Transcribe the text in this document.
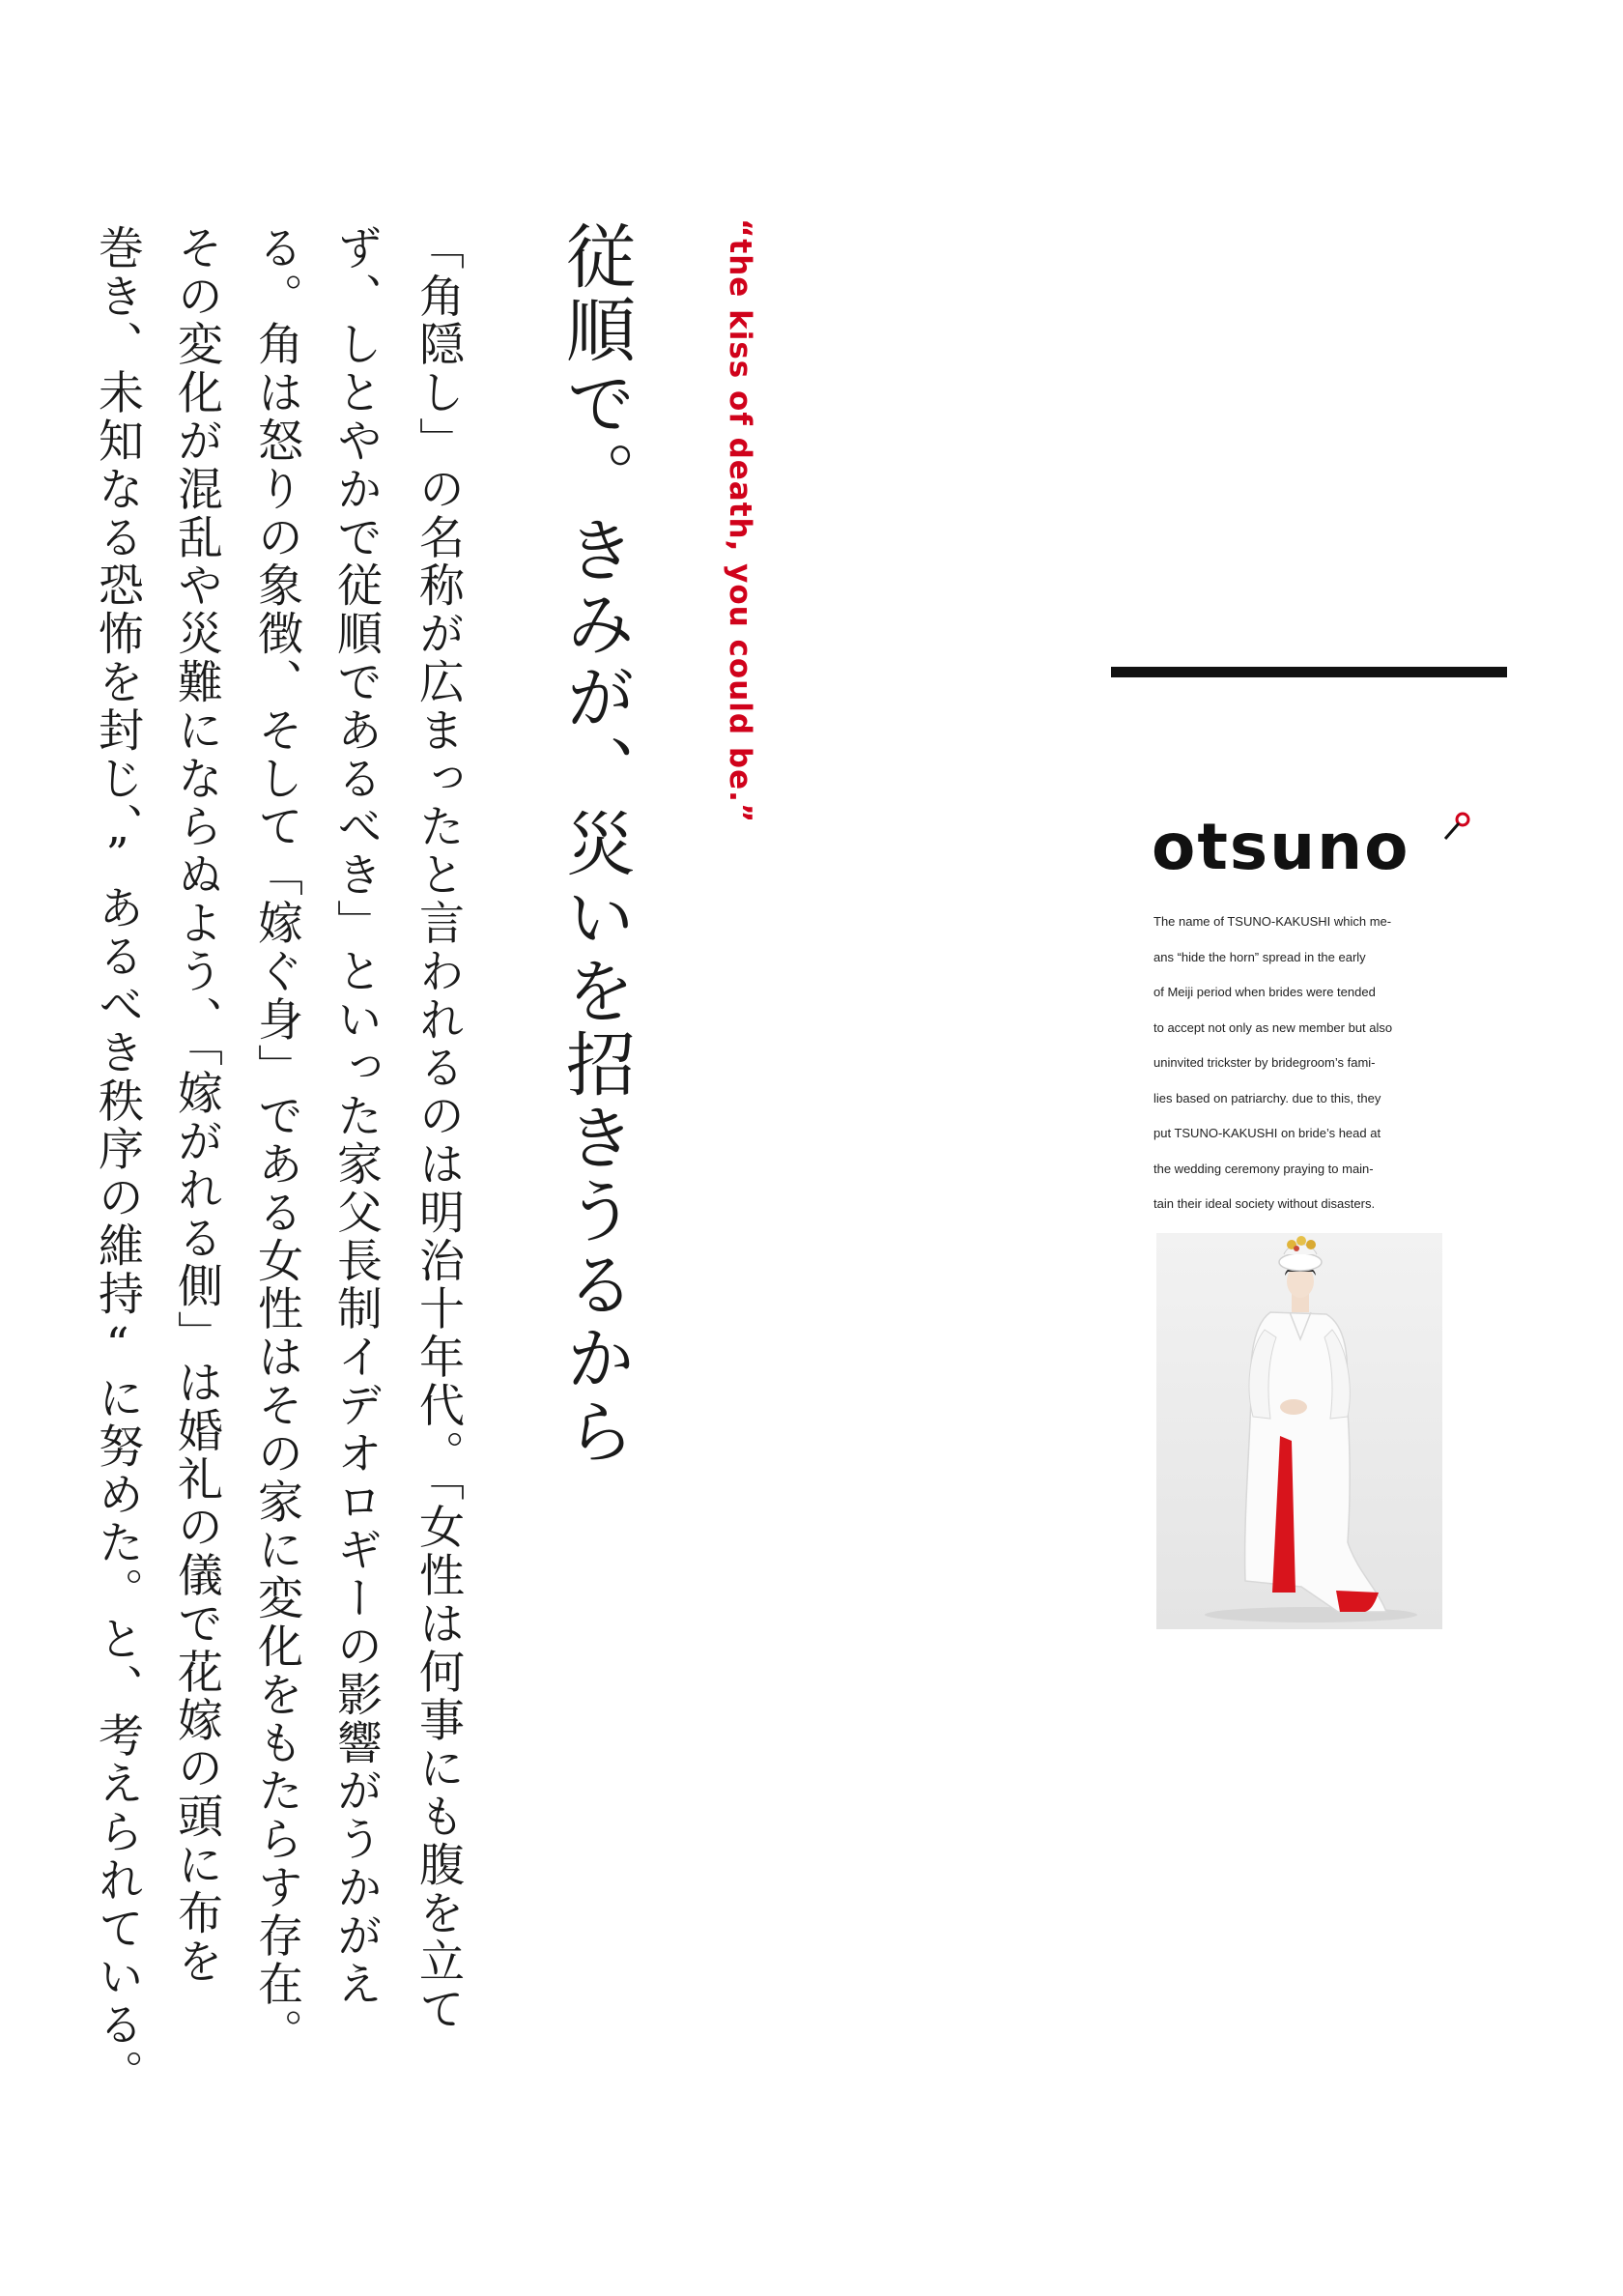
“the kiss of death, you could be.”
従順で。きみが、災いを招きうるから
「角隠し」の名称が広まったと言われるのは明治十年代。「女性は何事にも腹を立て
ず、しとやかで従順であるべき」といった家父長制イデオロギーの影響がうかがえ
る。角は怒りの象徴、そして「嫁ぐ身」である女性はその家に変化をもたらす存在。
その変化が混乱や災難にならぬよう、「嫁がれる側」は婚礼の儀で花嫁の頭に布を
巻き、未知なる恐怖を封じ、”あるべき秩序の維持“に努めた。と、考えられている。	otsuno
The name of TSUNO-KAKUSHI which me-
ans “hide the horn” spread in the early
of Meiji period when brides were tended
to accept not only as new member but also
uninvited trickster by bridegroom’s fami-
lies based on patriarchy. due to this, they
put TSUNO-KAKUSHI on bride’s head at
the wedding ceremony praying to main-
tain their ideal society without disasters.
